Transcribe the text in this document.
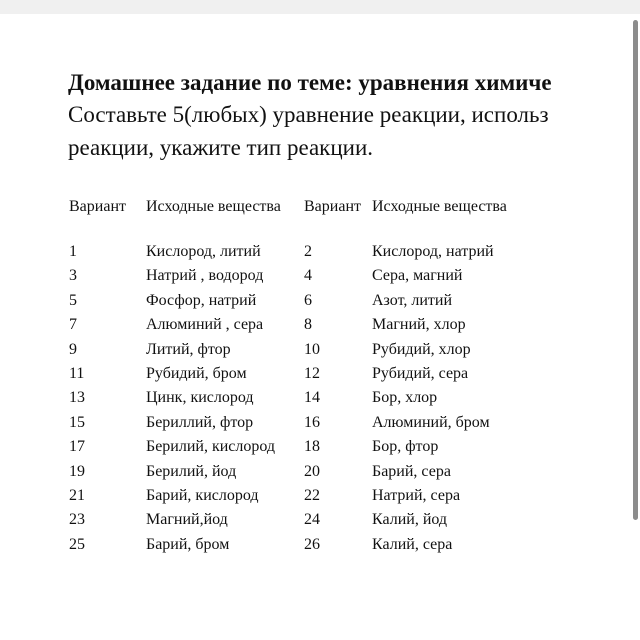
Домашнее задание по теме: уравнения химиче
Составьте 5(любых) уравнение реакции, использ
реакции, укажите тип реакции.
Вариант Исходные вещества Вариант Исходные вещества
1	Кислород, литий	2	Кислород, натрий
3	Натрий , водород	4	Сера, магний
5	Фосфор, натрий	6	Азот, литий
7	Алюминий , сера	8	Магний, хлор
9	Литий, фтор	10	Рубидий, хлор
11	Рубидий, бром	12	Рубидий, сера
13	Цинк, кислород	14	Бор, хлор
15	Бериллий, фтор	16	Алюминий, бром
17	Берилий, кислород 18	Бор, фтор
19	Берилий, йод	20	Барий, сера
21	Барий, кислород	22	Натрий, сера
23	Магний,йод	24	Калий, йод
25	Барий, бром	26	Калий, сера
